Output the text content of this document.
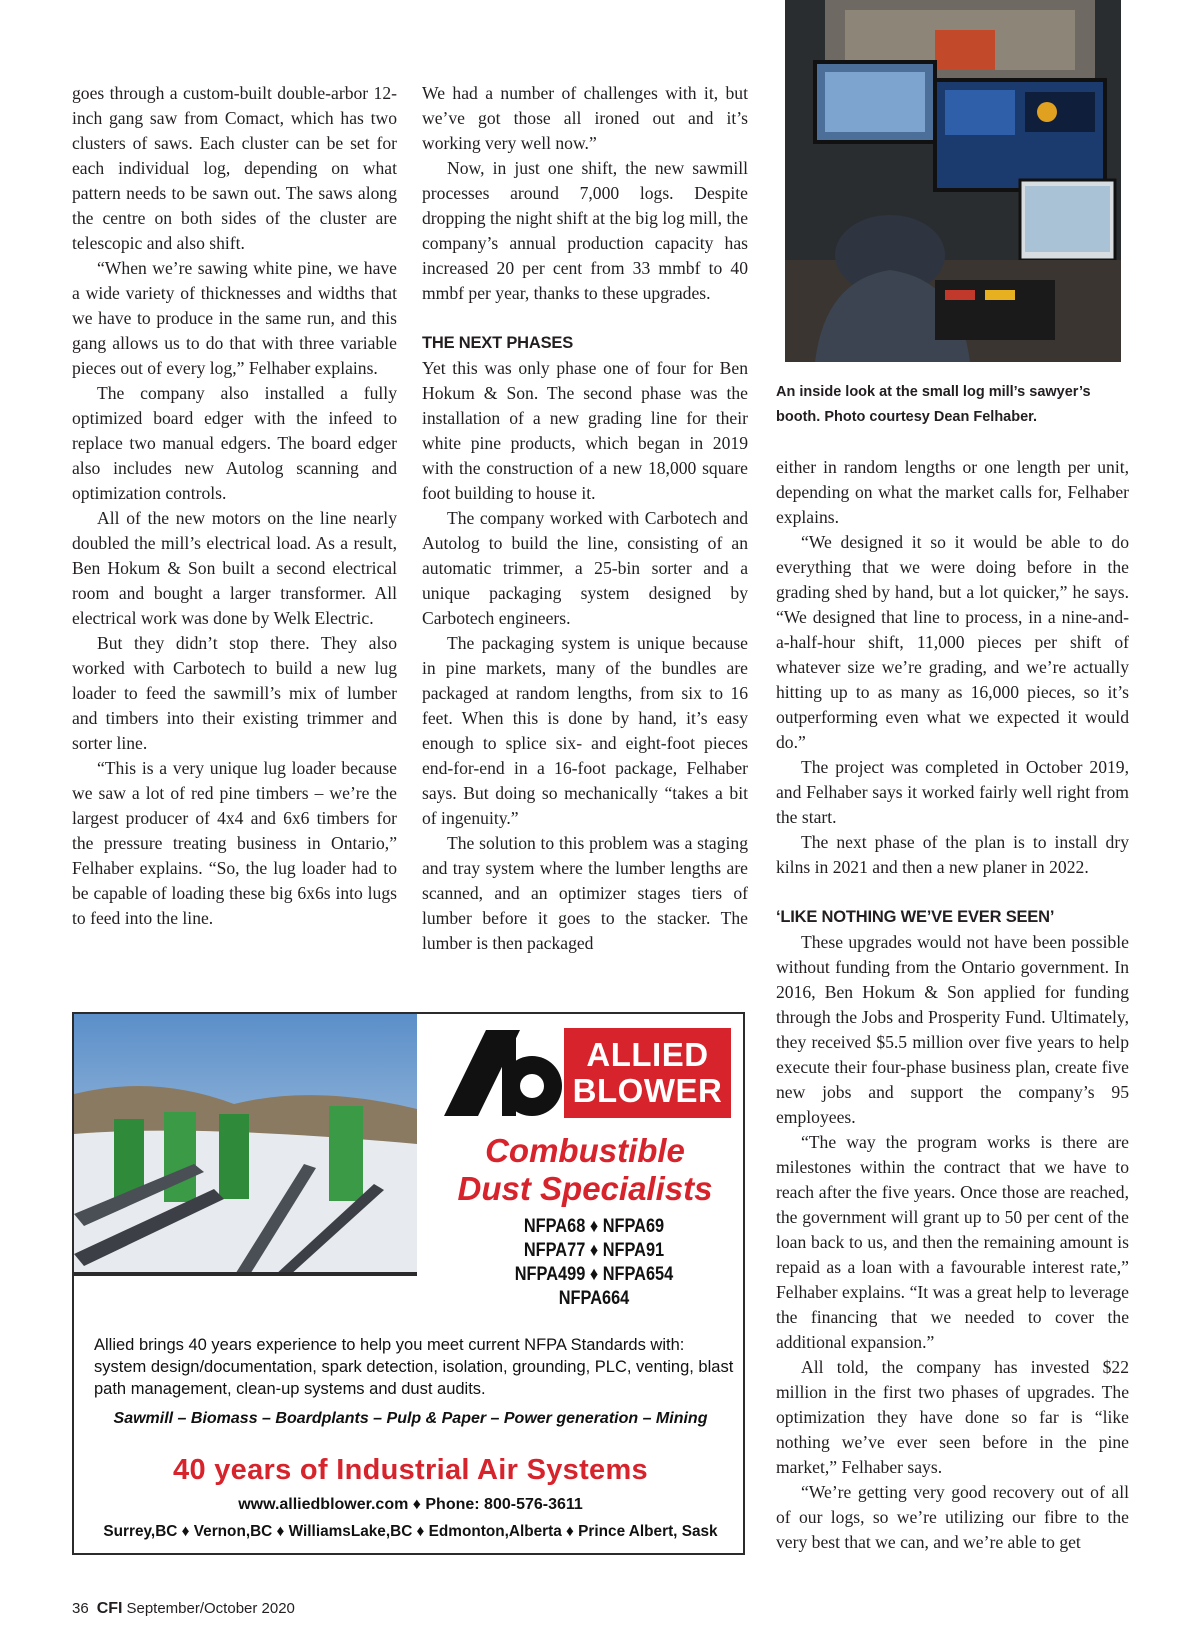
An inside look at the small log mill’s sawyer’s booth. Photo courtesy Dean Felhaber.

goes through a custom-built double-arbor 12-inch gang saw from Comact, which has two clusters of saws. Each cluster can be set for each individual log, depending on what pattern needs to be sawn out. The saws along the centre on both sides of the cluster are telescopic and also shift.

“When we’re sawing white pine, we have a wide variety of thicknesses and widths that we have to produce in the same run, and this gang allows us to do that with three variable pieces out of every log,” Felhaber explains.

The company also installed a fully optimized board edger with the infeed to replace two manual edgers. The board edger also includes new Autolog scanning and optimization controls.

All of the new motors on the line nearly doubled the mill’s electrical load. As a result, Ben Hokum & Son built a second electrical room and bought a larger transformer. All electrical work was done by Welk Electric.

But they didn’t stop there. They also worked with Carbotech to build a new lug loader to feed the sawmill’s mix of lumber and timbers into their existing trimmer and sorter line.

“This is a very unique lug loader because we saw a lot of red pine timbers – we’re the largest producer of 4x4 and 6x6 timbers for the pressure treating business in Ontario,” Felhaber explains. “So, the lug loader had to be capable of loading these big 6x6s into lugs to feed into the line.

We had a number of challenges with it, but we’ve got those all ironed out and it’s working very well now.”

Now, in just one shift, the new sawmill processes around 7,000 logs. Despite dropping the night shift at the big log mill, the company’s annual production capacity has increased 20 per cent from 33 mmbf to 40 mmbf per year, thanks to these upgrades.

THE NEXT PHASES

Yet this was only phase one of four for Ben Hokum & Son. The second phase was the installation of a new grading line for their white pine products, which began in 2019 with the construction of a new 18,000 square foot building to house it.

The company worked with Carbotech and Autolog to build the line, consisting of an automatic trimmer, a 25-bin sorter and a unique packaging system designed by Carbotech engineers.

The packaging system is unique because in pine markets, many of the bundles are packaged at random lengths, from six to 16 feet. When this is done by hand, it’s easy enough to splice six- and eight-foot pieces end-for-end in a 16-foot package, Felhaber says. But doing so mechanically “takes a bit of ingenuity.”

The solution to this problem was a staging and tray system where the lumber lengths are scanned, and an optimizer stages tiers of lumber before it goes to the stacker. The lumber is then packaged

either in random lengths or one length per unit, depending on what the market calls for, Felhaber explains.

“We designed it so it would be able to do everything that we were doing before in the grading shed by hand, but a lot quicker,” he says. “We designed that line to process, in a nine-and-a-half-hour shift, 11,000 pieces per shift of whatever size we’re grading, and we’re actually hitting up to as many as 16,000 pieces, so it’s outperforming even what we expected it would do.”

The project was completed in October 2019, and Felhaber says it worked fairly well right from the start.

The next phase of the plan is to install dry kilns in 2021 and then a new planer in 2022.

‘LIKE NOTHING WE’VE EVER SEEN’

These upgrades would not have been possible without funding from the Ontario government. In 2016, Ben Hokum & Son applied for funding through the Jobs and Prosperity Fund. Ultimately, they received $5.5 million over five years to help execute their four-phase business plan, create five new jobs and support the company’s 95 employees.

“The way the program works is there are milestones within the contract that we have to reach after the five years. Once those are reached, the government will grant up to 50 per cent of the loan back to us, and then the remaining amount is repaid as a loan with a favourable interest rate,” Felhaber explains. “It was a great help to leverage the financing that we needed to cover the additional expansion.”

All told, the company has invested $22 million in the first two phases of upgrades. The optimization they have done so far is “like nothing we’ve ever seen before in the pine market,” Felhaber says.

“We’re getting very good recovery out of all of our logs, so we’re utilizing our fibre to the very best that we can, and we’re able to get

ALLIED
BLOWER
Combustible
Dust Specialists
NFPA68 ♦ NFPA69
NFPA77 ♦ NFPA91
NFPA499 ♦ NFPA654
NFPA664
Allied brings 40 years experience to help you meet current NFPA Standards with: system design/documentation, spark detection, isolation, grounding, PLC, venting, blast path management, clean-up systems and dust audits.
Sawmill – Biomass – Boardplants – Pulp & Paper – Power generation – Mining
40 years of Industrial Air Systems
www.alliedblower.com ♦ Phone: 800-576-3611
Surrey,BC ♦ Vernon,BC ♦ WilliamsLake,BC ♦ Edmonton,Alberta ♦ Prince Albert, Sask
36 CFI September/October 2020
